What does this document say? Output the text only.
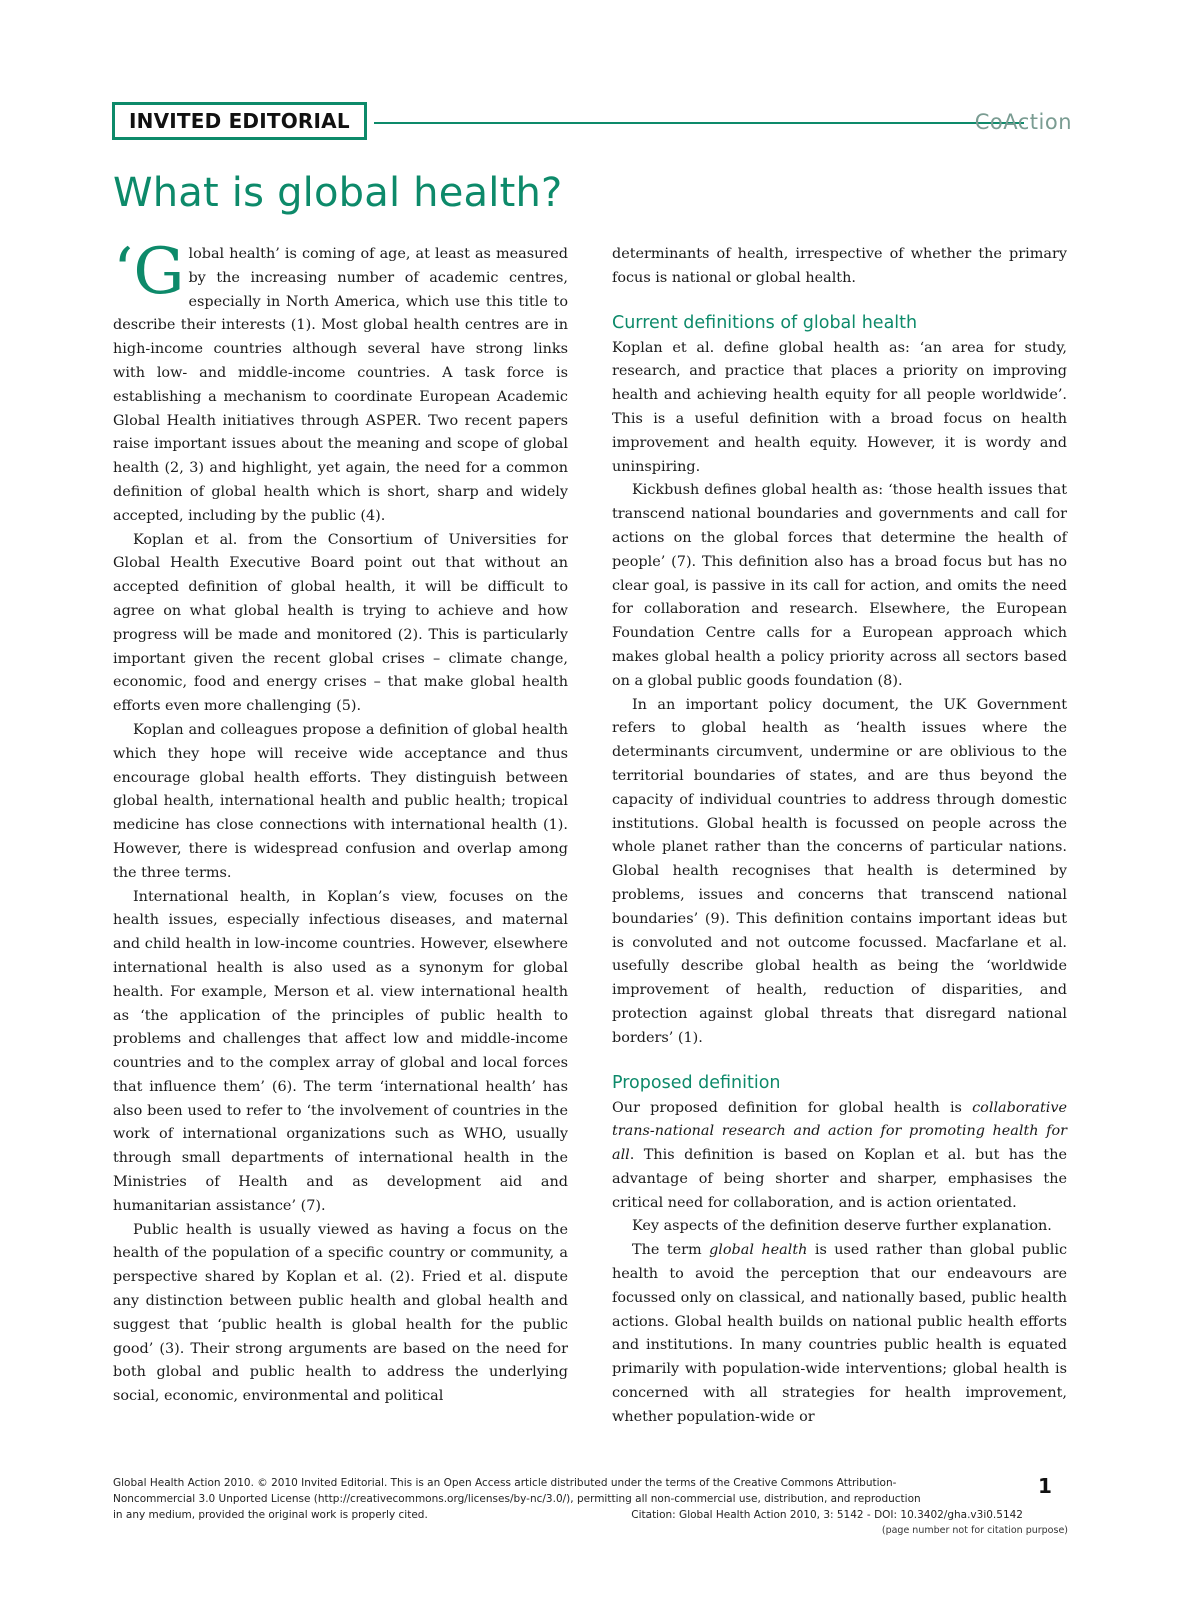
INVITED EDITORIAL	CoAction
What is global health?

‘Global health’ is coming of age, at least as measured by the increasing number of academic centres, especially in North America, which use this title to describe their interests (1). Most global health centres are in high-income countries although several have strong links with low- and middle-income countries. A task force is establishing a mechanism to coordinate European Academic Global Health initiatives through ASPER. Two recent papers raise important issues about the meaning and scope of global health (2, 3) and highlight, yet again, the need for a common definition of global health which is short, sharp and widely accepted, including by the public (4).

Koplan et al. from the Consortium of Universities for Global Health Executive Board point out that without an accepted definition of global health, it will be difficult to agree on what global health is trying to achieve and how progress will be made and monitored (2). This is particularly important given the recent global crises – climate change, economic, food and energy crises – that make global health efforts even more challenging (5).

Koplan and colleagues propose a definition of global health which they hope will receive wide acceptance and thus encourage global health efforts. They distinguish between global health, international health and public health; tropical medicine has close connections with international health (1). However, there is widespread confusion and overlap among the three terms.

International health, in Koplan’s view, focuses on the health issues, especially infectious diseases, and maternal and child health in low-income countries. However, elsewhere international health is also used as a synonym for global health. For example, Merson et al. view international health as ‘the application of the principles of public health to problems and challenges that affect low and middle-income countries and to the complex array of global and local forces that influence them’ (6). The term ‘international health’ has also been used to refer to ‘the involvement of countries in the work of international organizations such as WHO, usually through small departments of international health in the Ministries of Health and as development aid and humanitarian assistance’ (7).

Public health is usually viewed as having a focus on the health of the population of a specific country or community, a perspective shared by Koplan et al. (2). Fried et al. dispute any distinction between public health and global health and suggest that ‘public health is global health for the public good’ (3). Their strong arguments are based on the need for both global and public health to address the underlying social, economic, environmental and political

determinants of health, irrespective of whether the primary focus is national or global health.

Current definitions of global health

Koplan et al. define global health as: ‘an area for study, research, and practice that places a priority on improving health and achieving health equity for all people worldwide’. This is a useful definition with a broad focus on health improvement and health equity. However, it is wordy and uninspiring.

Kickbush defines global health as: ‘those health issues that transcend national boundaries and governments and call for actions on the global forces that determine the health of people’ (7). This definition also has a broad focus but has no clear goal, is passive in its call for action, and omits the need for collaboration and research. Elsewhere, the European Foundation Centre calls for a European approach which makes global health a policy priority across all sectors based on a global public goods foundation (8).

In an important policy document, the UK Government refers to global health as ‘health issues where the determinants circumvent, undermine or are oblivious to the territorial boundaries of states, and are thus beyond the capacity of individual countries to address through domestic institutions. Global health is focussed on people across the whole planet rather than the concerns of particular nations. Global health recognises that health is determined by problems, issues and concerns that transcend national boundaries’ (9). This definition contains important ideas but is convoluted and not outcome focussed. Macfarlane et al. usefully describe global health as being the ‘worldwide improvement of health, reduction of disparities, and protection against global threats that disregard national borders’ (1).

Proposed definition

Our proposed definition for global health is collaborative trans-national research and action for promoting health for all. This definition is based on Koplan et al. but has the advantage of being shorter and sharper, emphasises the critical need for collaboration, and is action orientated.

Key aspects of the definition deserve further explanation.

The term global health is used rather than global public health to avoid the perception that our endeavours are focussed only on classical, and nationally based, public health actions. Global health builds on national public health efforts and institutions. In many countries public health is equated primarily with population-wide interventions; global health is concerned with all strategies for health improvement, whether population-wide or

Global Health Action 2010. © 2010 Invited Editorial. This is an Open Access article distributed under the terms of the Creative Commons Attribution-
Noncommercial 3.0 Unported License (http://creativecommons.org/licenses/by-nc/3.0/), permitting all non-commercial use, distribution, and reproduction
in any medium, provided the original work is properly cited.	Citation: Global Health Action 2010, 3: 5142 - DOI: 10.3402/gha.v3i0.5142
1
(page number not for citation purpose)
